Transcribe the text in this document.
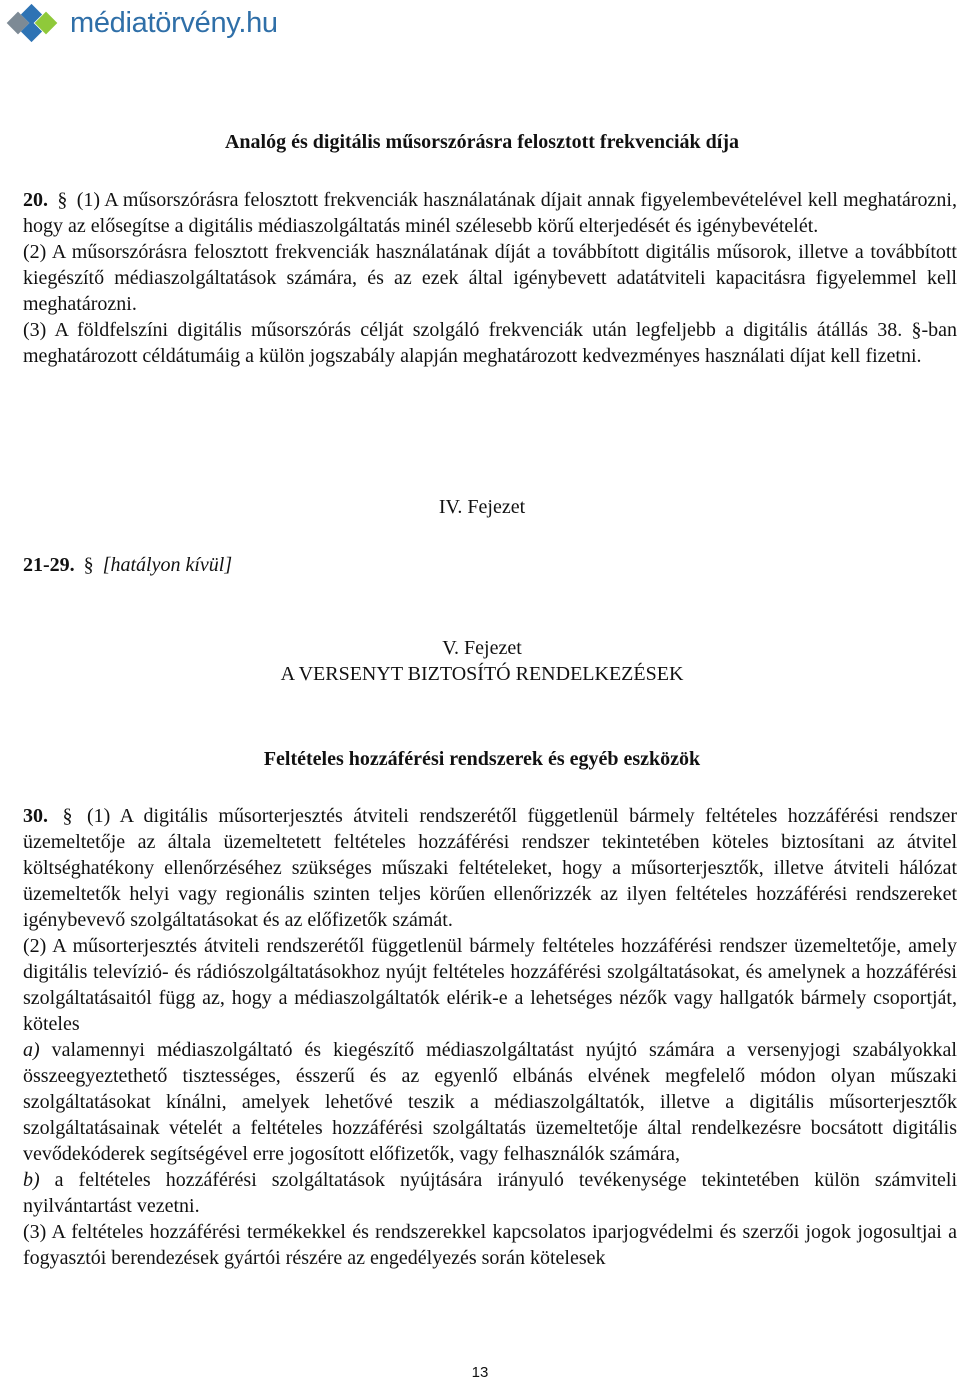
médiatörvény.hu
Analóg és digitális műsorszórásra felosztott frekvenciák díja
20. § (1) A műsorszórásra felosztott frekvenciák használatának díjait annak figyelembevételével kell meghatározni, hogy az elősegítse a digitális médiaszolgáltatás minél szélesebb körű elterjedését és igénybevételét.
(2) A műsorszórásra felosztott frekvenciák használatának díját a továbbított digitális műsorok, illetve a továbbított kiegészítő médiaszolgáltatások számára, és az ezek által igénybevett adatátviteli kapacitásra figyelemmel kell meghatározni.
(3) A földfelszíni digitális műsorszórás célját szolgáló frekvenciák után legfeljebb a digitális átállás 38. §-ban meghatározott céldátumáig a külön jogszabály alapján meghatározott kedvezményes használati díjat kell fizetni.
IV. Fejezet
21-29. § [hatályon kívül]
V. Fejezet
A VERSENYT BIZTOSÍTÓ RENDELKEZÉSEK
Feltételes hozzáférési rendszerek és egyéb eszközök
30. § (1) A digitális műsorterjesztés átviteli rendszerétől függetlenül bármely feltételes hozzáférési rendszer üzemeltetője az általa üzemeltetett feltételes hozzáférési rendszer tekintetében köteles biztosítani az átvitel költséghatékony ellenőrzéséhez szükséges műszaki feltételeket, hogy a műsorterjesztők, illetve átviteli hálózat üzemeltetők helyi vagy regionális szinten teljes körűen ellenőrizzék az ilyen feltételes hozzáférési rendszereket igénybevevő szolgáltatásokat és az előfizetők számát.
(2) A műsorterjesztés átviteli rendszerétől függetlenül bármely feltételes hozzáférési rendszer üzemeltetője, amely digitális televízió- és rádiószolgáltatásokhoz nyújt feltételes hozzáférési szolgáltatásokat, és amelynek a hozzáférési szolgáltatásaitól függ az, hogy a médiaszolgáltatók elérik-e a lehetséges nézők vagy hallgatók bármely csoportját, köteles
a) valamennyi médiaszolgáltató és kiegészítő médiaszolgáltatást nyújtó számára a versenyjogi szabályokkal összeegyeztethető tisztességes, ésszerű és az egyenlő elbánás elvének megfelelő módon olyan műszaki szolgáltatásokat kínálni, amelyek lehetővé teszik a médiaszolgáltatók, illetve a digitális műsorterjesztők szolgáltatásainak vételét a feltételes hozzáférési szolgáltatás üzemeltetője által rendelkezésre bocsátott digitális vevődekóderek segítségével erre jogosított előfizetők, vagy felhasználók számára,
b) a feltételes hozzáférési szolgáltatások nyújtására irányuló tevékenysége tekintetében külön számviteli nyilvántartást vezetni.
(3) A feltételes hozzáférési termékekkel és rendszerekkel kapcsolatos iparjogvédelmi és szerzői jogok jogosultjai a fogyasztói berendezések gyártói részére az engedélyezés során kötelesek
13
